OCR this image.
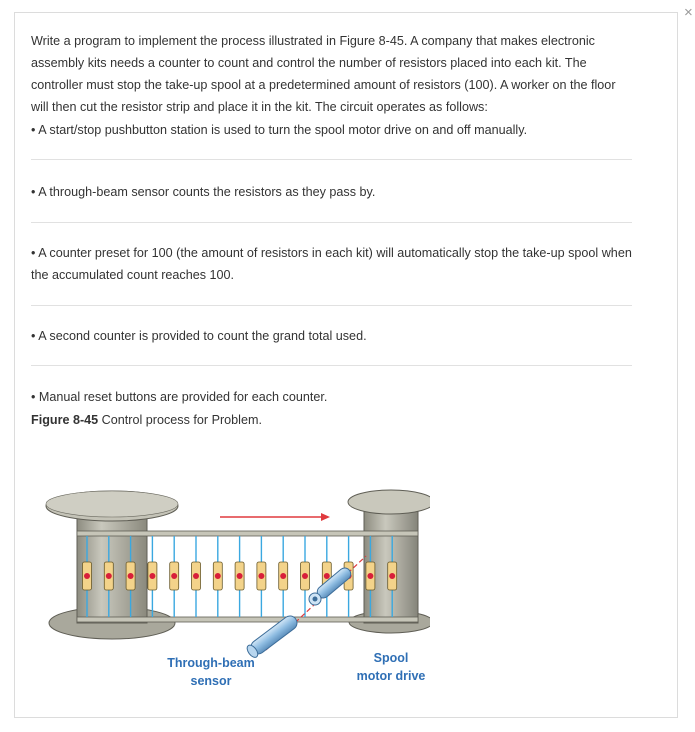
×

Write a program to implement the process illustrated in Figure 8-45. A company that makes electronic assembly kits needs a counter to count and control the number of resistors placed into each kit. The controller must stop the take-up spool at a predetermined amount of resistors (100). A worker on the floor will then cut the resistor strip and place it in the kit. The circuit operates as follows:

• A start/stop pushbutton station is used to turn the spool motor drive on and off manually.

• A through-beam sensor counts the resistors as they pass by.

• A counter preset for 100 (the amount of resistors in each kit) will automatically stop the take-up spool when the accumulated count reaches 100.

• A second counter is provided to count the grand total used.

• Manual reset buttons are provided for each counter.

Figure 8-45 Control process for Problem.

Through-beam
sensor
Spool
motor drive
